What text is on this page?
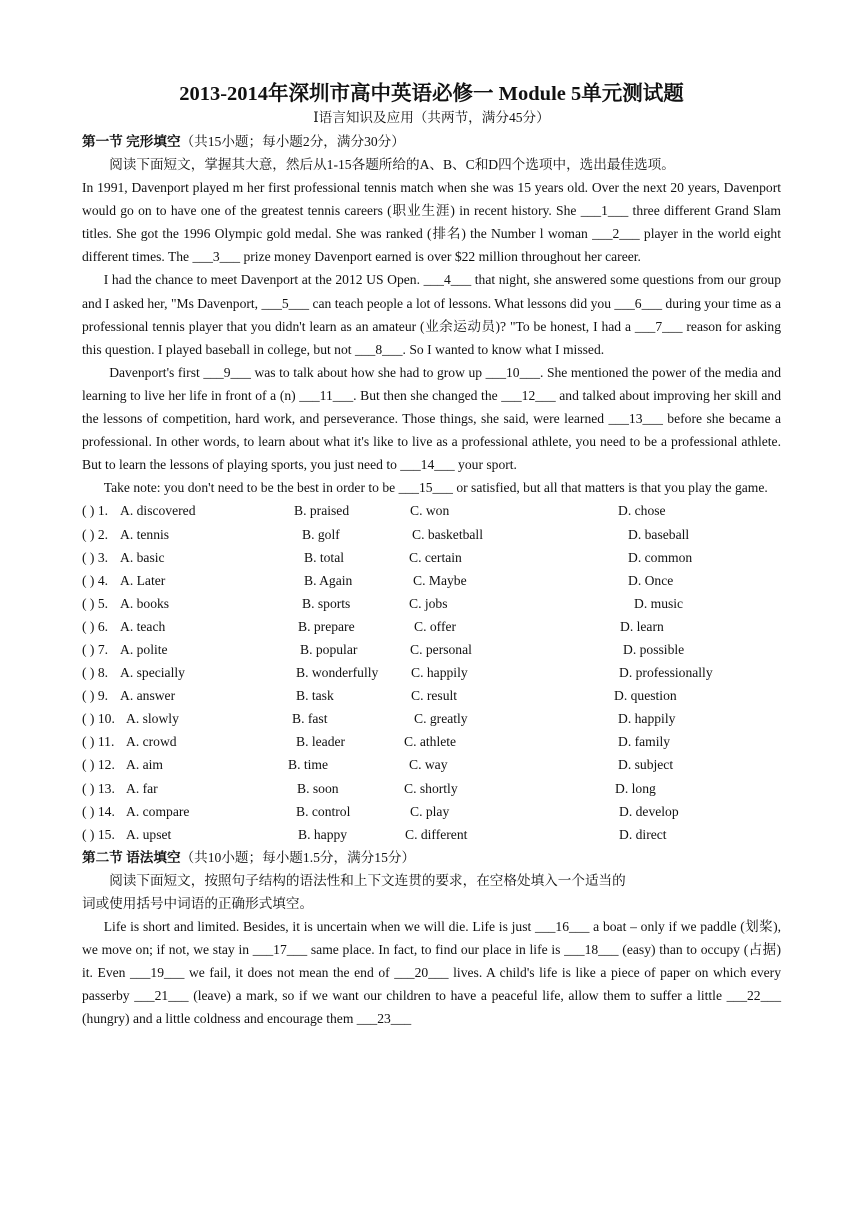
2013-2014年深圳市高中英语必修一 Module 5单元测试题
Ⅰ语言知识及应用（共两节，满分45分）
第一节 完形填空（共15小题；每小题2分，满分30分）

阅读下面短文，掌握其大意，然后从1-15各题所给的A、B、C和D四个选项中，选出最佳选项。

In 1991, Davenport played m her first professional tennis match when she was 15 years old. Over the next 20 years, Davenport would go on to have one of the greatest tennis careers (职业生涯) in recent history. She ___1___ three different Grand Slam titles. She got the 1996 Olympic gold medal. She was ranked (排名) the Number l woman ___2___ player in the world eight different times. The ___3___ prize money Davenport earned is over $22 million throughout her career.

I had the chance to meet Davenport at the 2012 US Open. ___4___ that night, she answered some questions from our group and I asked her, "Ms Davenport, ___5___ can teach people a lot of lessons. What lessons did you ___6___ during your time as a professional tennis player that you didn't learn as an amateur (业余运动员)? "To be honest, I had a ___7___ reason for asking this question. I played baseball in college, but not ___8___. So I wanted to know what I missed.

Davenport's first ___9___ was to talk about how she had to grow up ___10___. She mentioned the power of the media and learning to live her life in front of a (n) ___11___. But then she changed the ___12___ and talked about improving her skill and the lessons of competition, hard work, and perseverance. Those things, she said, were learned ___13___ before she became a professional. In other words, to learn about what it's like to live as a professional athlete, you need to be a professional athlete. But to learn the lessons of playing sports, you just need to ___14___ your sport.

Take note: you don't need to be the best in order to be ___15___ or satisfied, but all that matters is that you play the game.

( ) 1. A. discovered	B. praised	C. won	D. chose
( ) 2. A. tennis	B. golf	C. basketball	D. baseball
( ) 3. A. basic	B. total	C. certain	D. common
( ) 4. A. Later	B. Again	C. Maybe	D. Once
( ) 5. A. books	B. sports	C. jobs	D. music
( ) 6. A. teach	B. prepare	C. offer	D. learn
( ) 7. A. polite	B. popular	C. personal	D. possible
( ) 8. A. specially	B. wonderfully C. happily	D. professionally
( ) 9. A. answer	B. task	C. result	D. question
( ) 10. A. slowly	B. fast	C. greatly	D. happily
( ) 11. A. crowd	B. leader	C. athlete	D. family
( ) 12. A. aim	B. time	C. way	D. subject
( ) 13. A. far	B. soon	C. shortly	D. long
( ) 14. A. compare	B. control	C. play	D. develop
( ) 15. A. upset	B. happy	C. different	D. direct
第二节 语法填空（共10小题；每小题1.5分，满分15分）

阅读下面短文，按照句子结构的语法性和上下文连贯的要求，在空格处填入一个适当的

词或使用括号中词语的正确形式填空。

Life is short and limited. Besides, it is uncertain when we will die. Life is just ___16___ a boat – only if we paddle (划桨), we move on; if not, we stay in ___17___ same place. In fact, to find our place in life is ___18___ (easy) than to occupy (占据) it. Even ___19___ we fail, it does not mean the end of ___20___ lives. A child's life is like a piece of paper on which every passerby ___21___ (leave) a mark, so if we want our children to have a peaceful life, allow them to suffer a little ___22___ (hungry) and a little coldness and encourage them ___23___
